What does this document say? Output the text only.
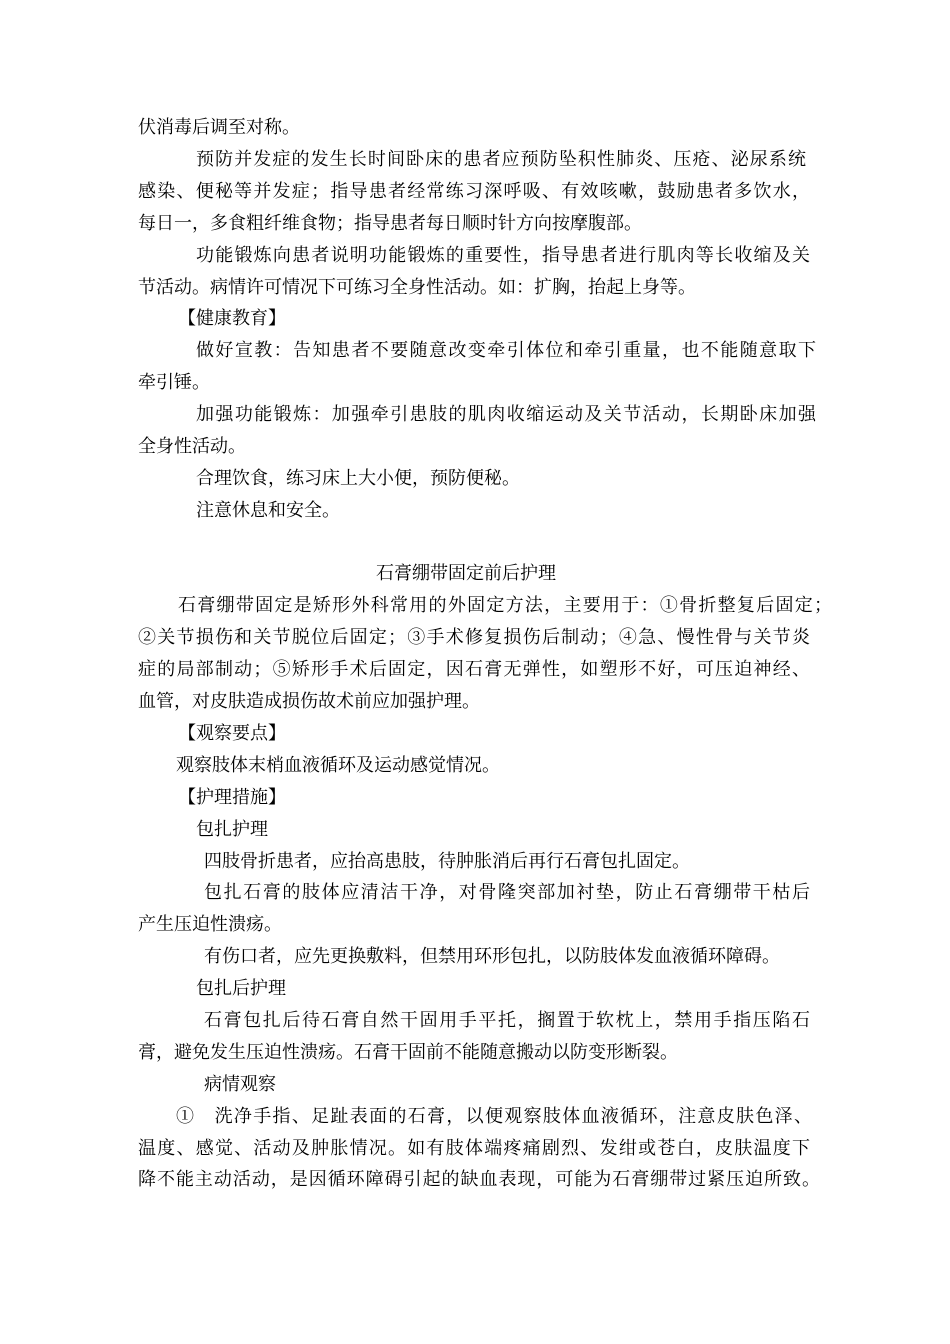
伏消毒后调至对称。
预防并发症的发生长时间卧床的患者应预防坠积性肺炎、压疮、泌尿系统
感染、便秘等并发症；指导患者经常练习深呼吸、有效咳嗽，鼓励患者多饮水，
每日一，多食粗纤维食物；指导患者每日顺时针方向按摩腹部。
功能锻炼向患者说明功能锻炼的重要性，指导患者进行肌肉等长收缩及关
节活动。病情许可情况下可练习全身性活动。如：扩胸，抬起上身等。
【健康教育】
做好宣教：告知患者不要随意改变牵引体位和牵引重量，也不能随意取下
牵引锤。
加强功能锻炼：加强牵引患肢的肌肉收缩运动及关节活动，长期卧床加强
全身性活动。
合理饮食，练习床上大小便，预防便秘。
注意休息和安全。
石膏绷带固定前后护理
石膏绷带固定是矫形外科常用的外固定方法，主要用于：①骨折整复后固定；
②关节损伤和关节脱位后固定；③手术修复损伤后制动；④急、慢性骨与关节炎
症的局部制动；⑤矫形手术后固定，因石膏无弹性，如塑形不好，可压迫神经、
血管，对皮肤造成损伤故术前应加强护理。
【观察要点】
观察肢体末梢血液循环及运动感觉情况。
【护理措施】
包扎护理
四肢骨折患者，应抬高患肢，待肿胀消后再行石膏包扎固定。
包扎石膏的肢体应清洁干净，对骨隆突部加衬垫，防止石膏绷带干枯后
产生压迫性溃疡。
有伤口者，应先更换敷料，但禁用环形包扎，以防肢体发血液循环障碍。
包扎后护理
石膏包扎后待石膏自然干固用手平托，搁置于软枕上，禁用手指压陷石
膏，避免发生压迫性溃疡。石膏干固前不能随意搬动以防变形断裂。
病情观察
①　洗净手指、足趾表面的石膏，以便观察肢体血液循环，注意皮肤色泽、
温度、感觉、活动及肿胀情况。如有肢体端疼痛剧烈、发绀或苍白，皮肤温度下
降不能主动活动，是因循环障碍引起的缺血表现，可能为石膏绷带过紧压迫所致。
